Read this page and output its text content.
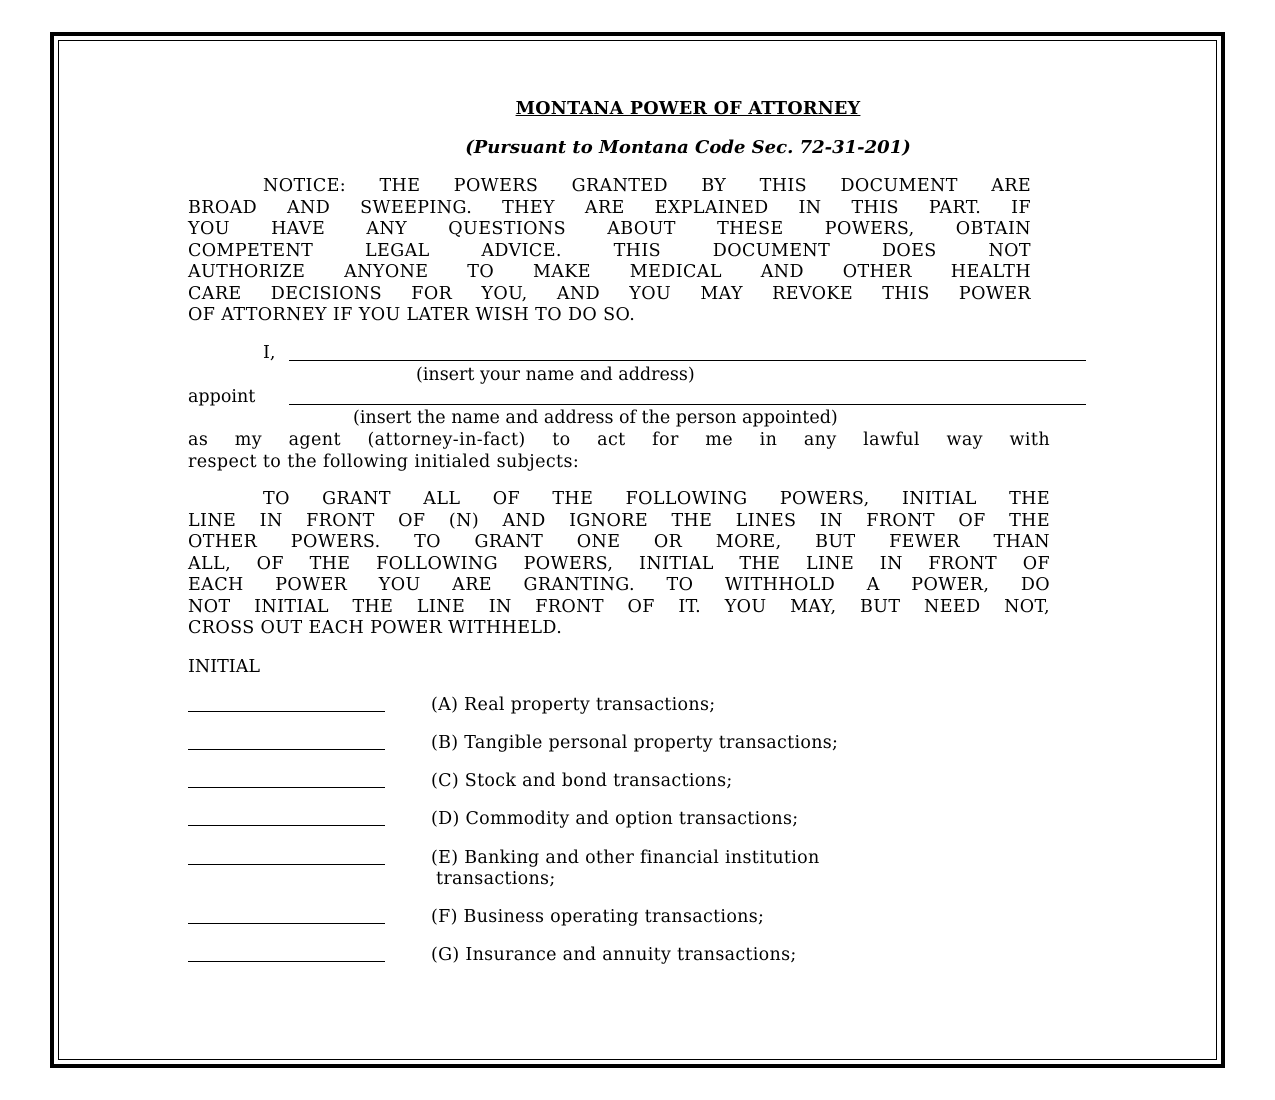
MONTANA POWER OF ATTORNEY
(Pursuant to Montana Code Sec. 72-31-201)
NOTICE: THE POWERS GRANTED BY THIS DOCUMENT ARE
BROAD AND SWEEPING. THEY ARE EXPLAINED IN THIS PART. IF
YOU HAVE ANY QUESTIONS ABOUT THESE POWERS, OBTAIN
COMPETENT LEGAL ADVICE. THIS DOCUMENT DOES NOT
AUTHORIZE ANYONE TO MAKE MEDICAL AND OTHER HEALTH
CARE DECISIONS FOR YOU, AND YOU MAY REVOKE THIS POWER
OF ATTORNEY IF YOU LATER WISH TO DO SO.
I,
(insert your name and address)
appoint
(insert the name and address of the person appointed)
as my agent (attorney-in-fact) to act for me in any lawful way with
respect to the following initialed subjects:
TO GRANT ALL OF THE FOLLOWING POWERS, INITIAL THE
LINE IN FRONT OF (N) AND IGNORE THE LINES IN FRONT OF THE
OTHER POWERS. TO GRANT ONE OR MORE, BUT FEWER THAN
ALL, OF THE FOLLOWING POWERS, INITIAL THE LINE IN FRONT OF
EACH POWER YOU ARE GRANTING. TO WITHHOLD A POWER, DO
NOT INITIAL THE LINE IN FRONT OF IT. YOU MAY, BUT NEED NOT,
CROSS OUT EACH POWER WITHHELD.
INITIAL
(A) Real property transactions;
(B) Tangible personal property transactions;
(C) Stock and bond transactions;
(D) Commodity and option transactions;
(E) Banking and other financial institution
transactions;
(F) Business operating transactions;
(G) Insurance and annuity transactions;
